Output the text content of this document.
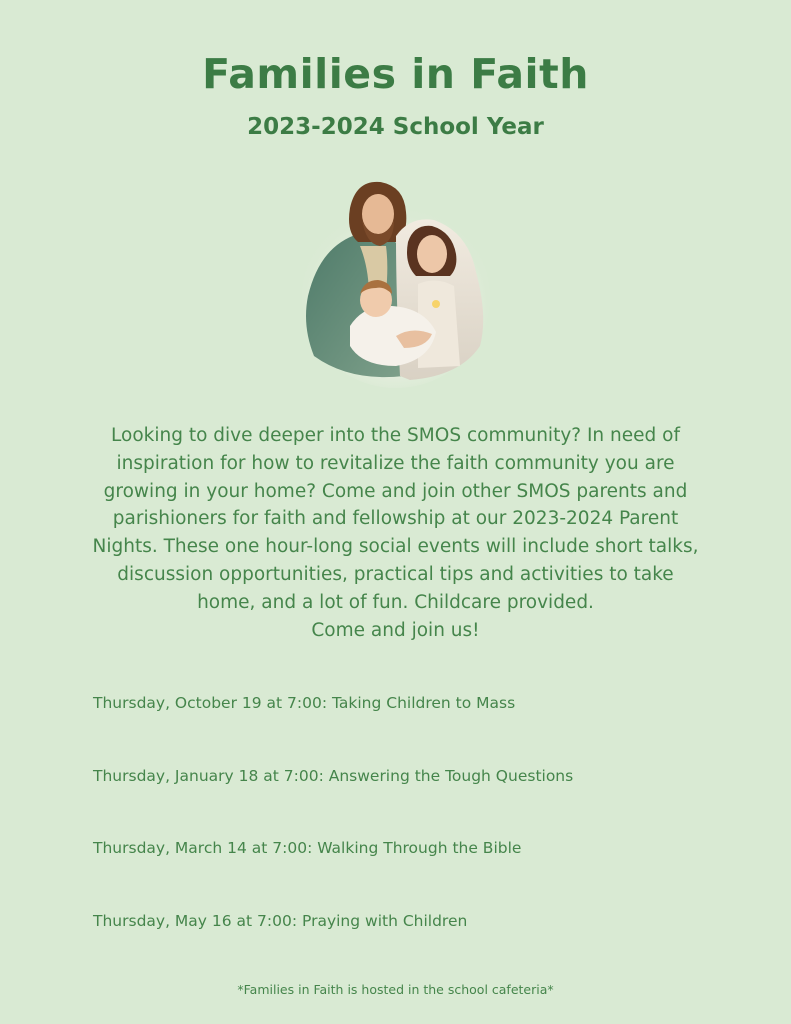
Families in Faith
2023-2024 School Year

Looking to dive deeper into the SMOS community? In need of inspiration for how to revitalize the faith community you are growing in your home? Come and join other SMOS parents and parishioners for faith and fellowship at our 2023-2024 Parent Nights. These one hour-long social events will include short talks, discussion opportunities, practical tips and activities to take home, and a lot of fun. Childcare provided.

Come and join us!

Thursday, October 19 at 7:00: Taking Children to Mass
Thursday, January 18 at 7:00: Answering the Tough Questions
Thursday, March 14 at 7:00: Walking Through the Bible
Thursday, May 16 at 7:00: Praying with Children
*Families in Faith is hosted in the school cafeteria*
